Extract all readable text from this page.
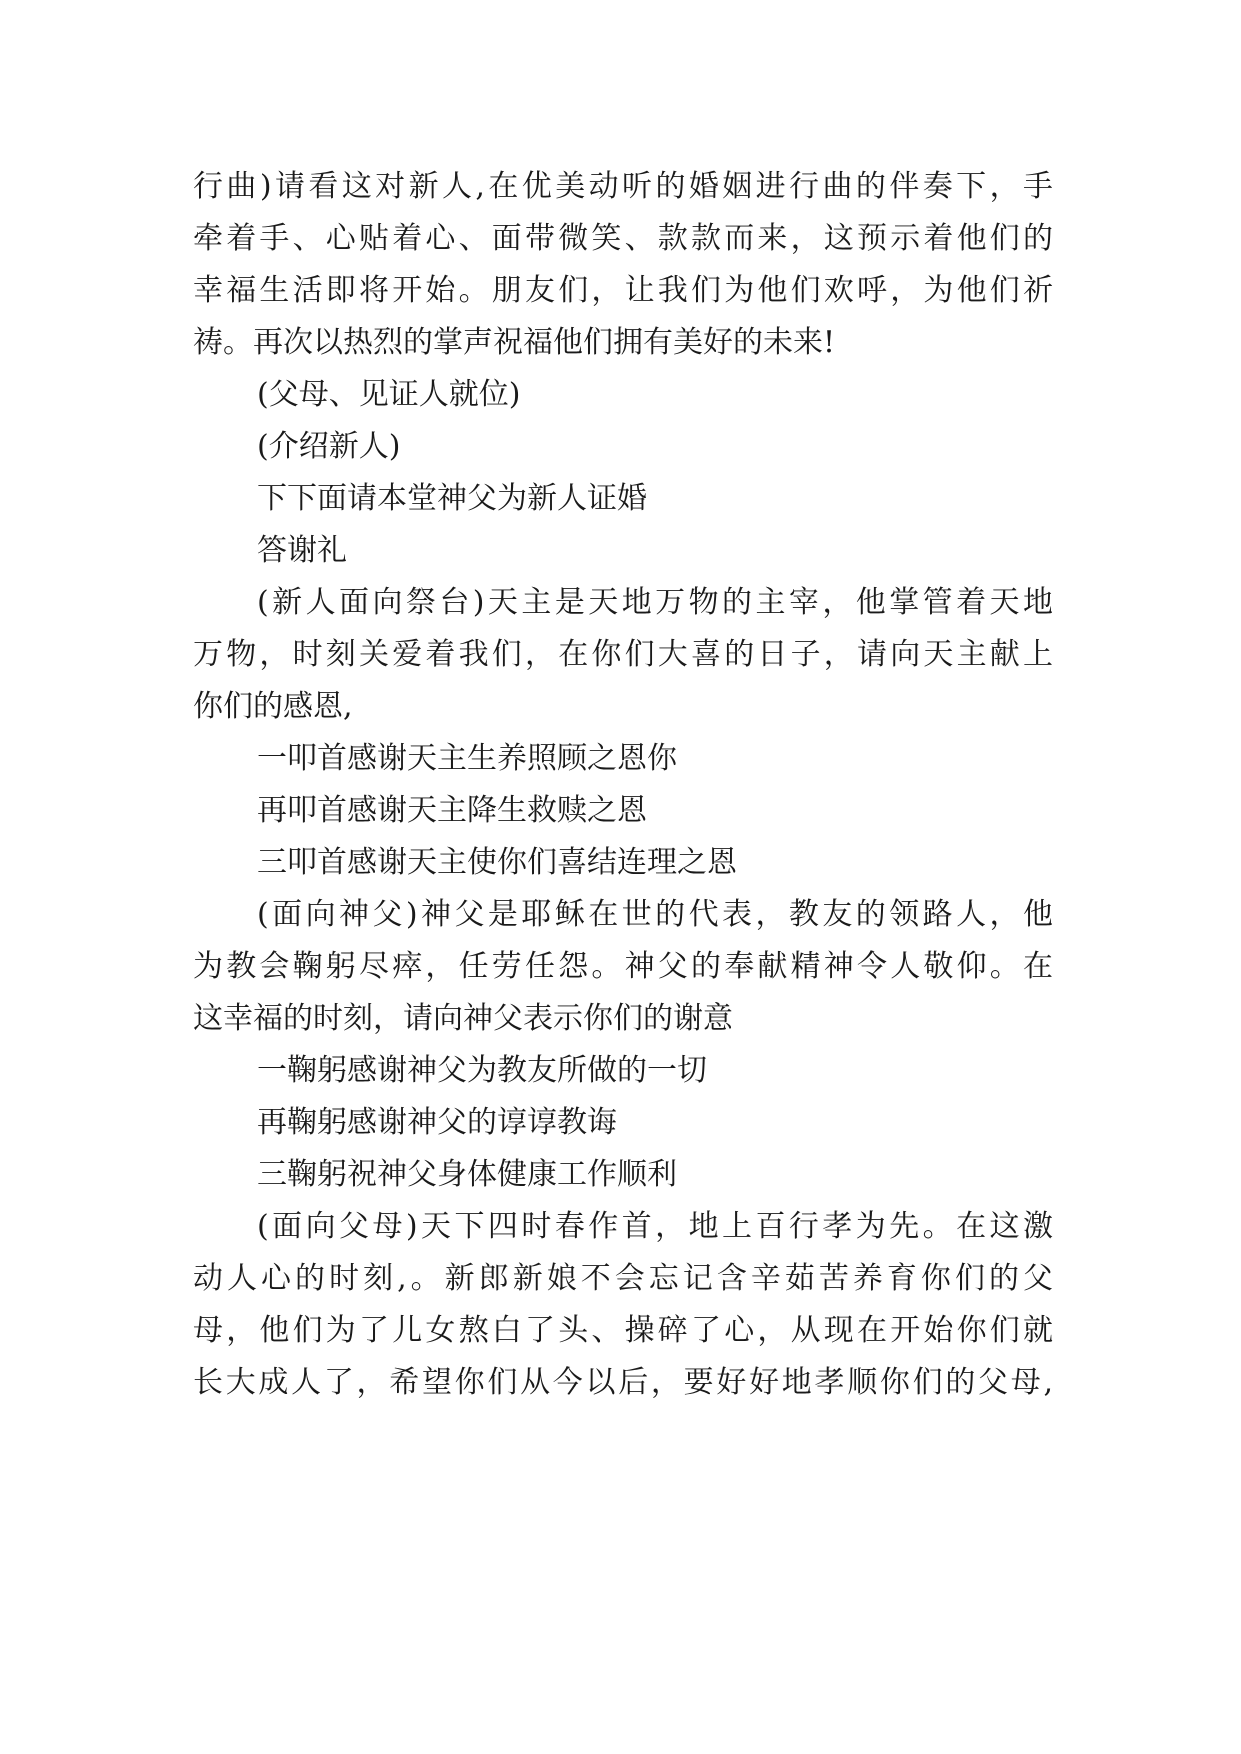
行曲)请看这对新人,在优美动听的婚姻进行曲的伴奏下，手
牵着手、心贴着心、面带微笑、款款而来，这预示着他们的
幸福生活即将开始。朋友们，让我们为他们欢呼，为他们祈
祷。再次以热烈的掌声祝福他们拥有美好的未来!
(父母、见证人就位)
(介绍新人)
下下面请本堂神父为新人证婚
答谢礼
(新人面向祭台)天主是天地万物的主宰，他掌管着天地
万物，时刻关爱着我们，在你们大喜的日子，请向天主献上
你们的感恩,
一叩首感谢天主生养照顾之恩你
再叩首感谢天主降生救赎之恩
三叩首感谢天主使你们喜结连理之恩
(面向神父)神父是耶稣在世的代表，教友的领路人，他
为教会鞠躬尽瘁，任劳任怨。神父的奉献精神令人敬仰。在
这幸福的时刻，请向神父表示你们的谢意
一鞠躬感谢神父为教友所做的一切
再鞠躬感谢神父的谆谆教诲
三鞠躬祝神父身体健康工作顺利
(面向父母)天下四时春作首，地上百行孝为先。在这激
动人心的时刻,。新郎新娘不会忘记含辛茹苦养育你们的父
母，他们为了儿女熬白了头、操碎了心，从现在开始你们就
长大成人了，希望你们从今以后，要好好地孝顺你们的父母,
